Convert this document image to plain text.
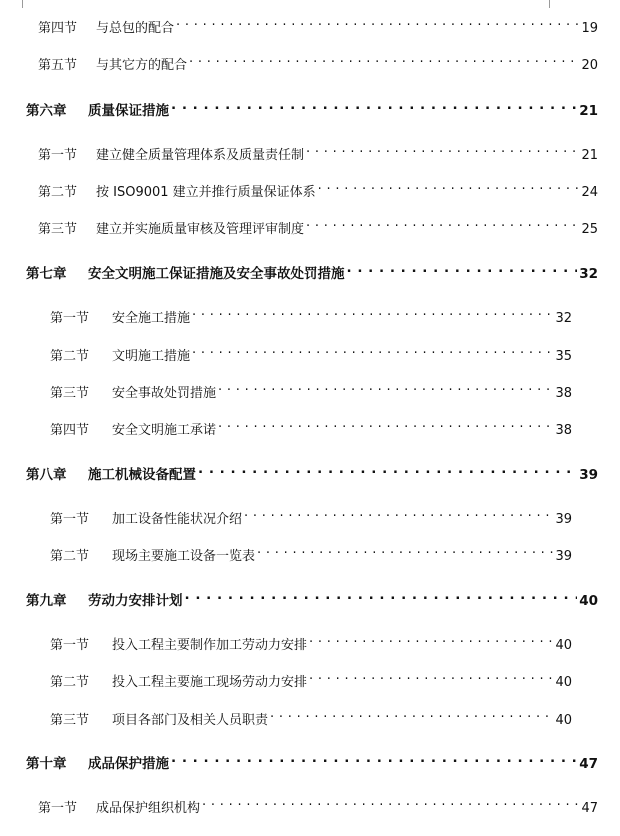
第四节	与总包的配合 . . .	19
第五节	与其它方的配合 . . .	20
第六章	质量保证措施 . . .	21
第一节	建立健全质量管理体系及质量责任制 . . .	21
第二节	按 ISO9001 建立并推行质量保证体系 . . .	24
第三节	建立并实施质量审核及管理评审制度 . . .	25
第七章	安全文明施工保证措施及安全事故处罚措施 . . .	32
第一节	安全施工措施 . . .	32
第二节	文明施工措施 . . .	35
第三节	安全事故处罚措施 . . .	38
第四节	安全文明施工承诺 . . .	38
第八章	施工机械设备配置 . . .	39
第一节	加工设备性能状况介绍 . . .	39
第二节	现场主要施工设备一览表 . . .	39
第九章	劳动力安排计划 . . .	40
第一节	投入工程主要制作加工劳动力安排 . . .	40
第二节	投入工程主要施工现场劳动力安排 . . .	40
第三节	项目各部门及相关人员职责 . . .	40
第十章	成品保护措施 . . .	47
第一节	成品保护组织机构 . . .	47
